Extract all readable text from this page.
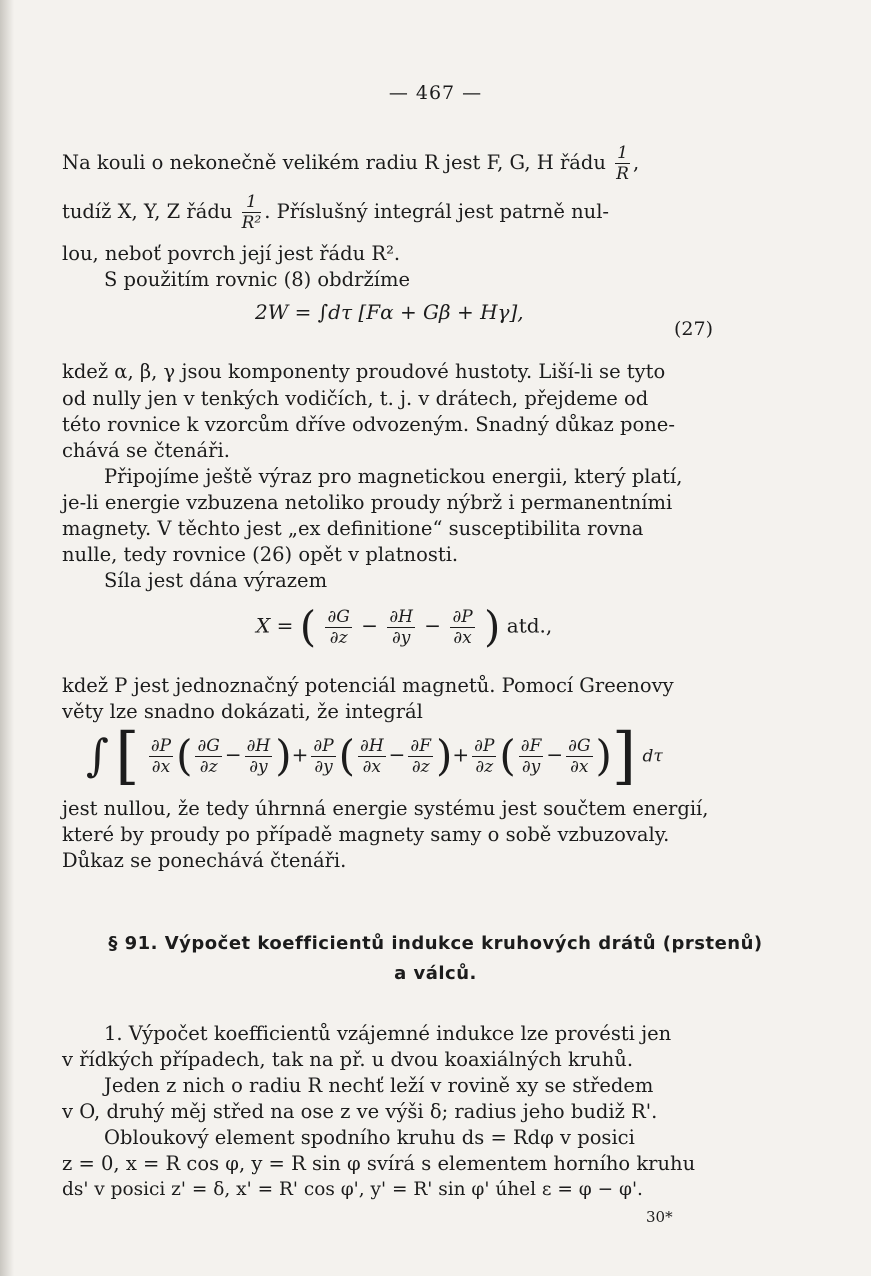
— 467 —
Na kouli o nekonečně velikém radiu R jest F, G, H řádu $\frac{1}{R}$ ,
tudíž X, Y, Z řádu $\frac{1}{\text{R²}}$ . Příslušný integrál jest patrně nul-
lou, neboť povrch její jest řádu R².
S použitím rovnic (8) obdržíme
2W = ∫dτ [Fα + Gβ + Hγ],
(27)
kdež α, β, γ jsou komponenty proudové hustoty. Liší-li se tyto
od nully jen v tenkých vodičích, t. j. v drátech, přejdeme od
této rovnice k vzorcům dříve odvozeným. Snadný důkaz pone-
chává se čtenáři.
Připojíme ještě výraz pro magnetickou energii, který platí,
je-li energie vzbuzena netoliko proudy nýbrž i permanentními
magnety. V těchto jest „ex definitione“ susceptibilita rovna
nulle, tedy rovnice (26) opět v platnosti.
Síla jest dána výrazem
X = ( $\frac{\partial G}{\partial z} - \frac{\partial H}{\partial y} - \frac{\partial P}{\partial x}$ ) atd.,
kdež P jest jednoznačný potenciál magnetů. Pomocí Greenovy
věty lze snadno dokázati, že integrál
∫ [ $\frac{\partial P}{\partial x}$ ( $\frac{\partial G}{\partial z} - \frac{\partial H}{\partial y}$ )+ $\frac{\partial P}{\partial y}$ ( $\frac{\partial H}{\partial x} - \frac{\partial F}{\partial z}$ )+ $\frac{\partial P}{\partial z}$ ( $\frac{\partial F}{\partial y} - \frac{\partial G}{\partial x}$ )] dτ
jest nullou, že tedy úhrnná energie systému jest součtem energií,
které by proudy po případě magnety samy o sobě vzbuzovaly.
Důkaz se ponechává čtenáři.
§ 91. Výpočet koefficientů indukce kruhových drátů (prstenů)
a válců.
1. Výpočet koefficientů vzájemné indukce lze provésti jen
v řídkých případech, tak na př. u dvou koaxiálných kruhů.
Jeden z nich o radiu R nechť leží v rovině xy se středem
v O, druhý měj střed na ose z ve výši δ; radius jeho budiž R'.
Obloukový element spodního kruhu ds = Rdφ v posici
z = 0, x = R cos φ, y = R sin φ svírá s elementem horního kruhu
ds' v posici z' = δ, x' = R' cos φ', y' = R' sin φ' úhel ε = φ − φ'.
30*
